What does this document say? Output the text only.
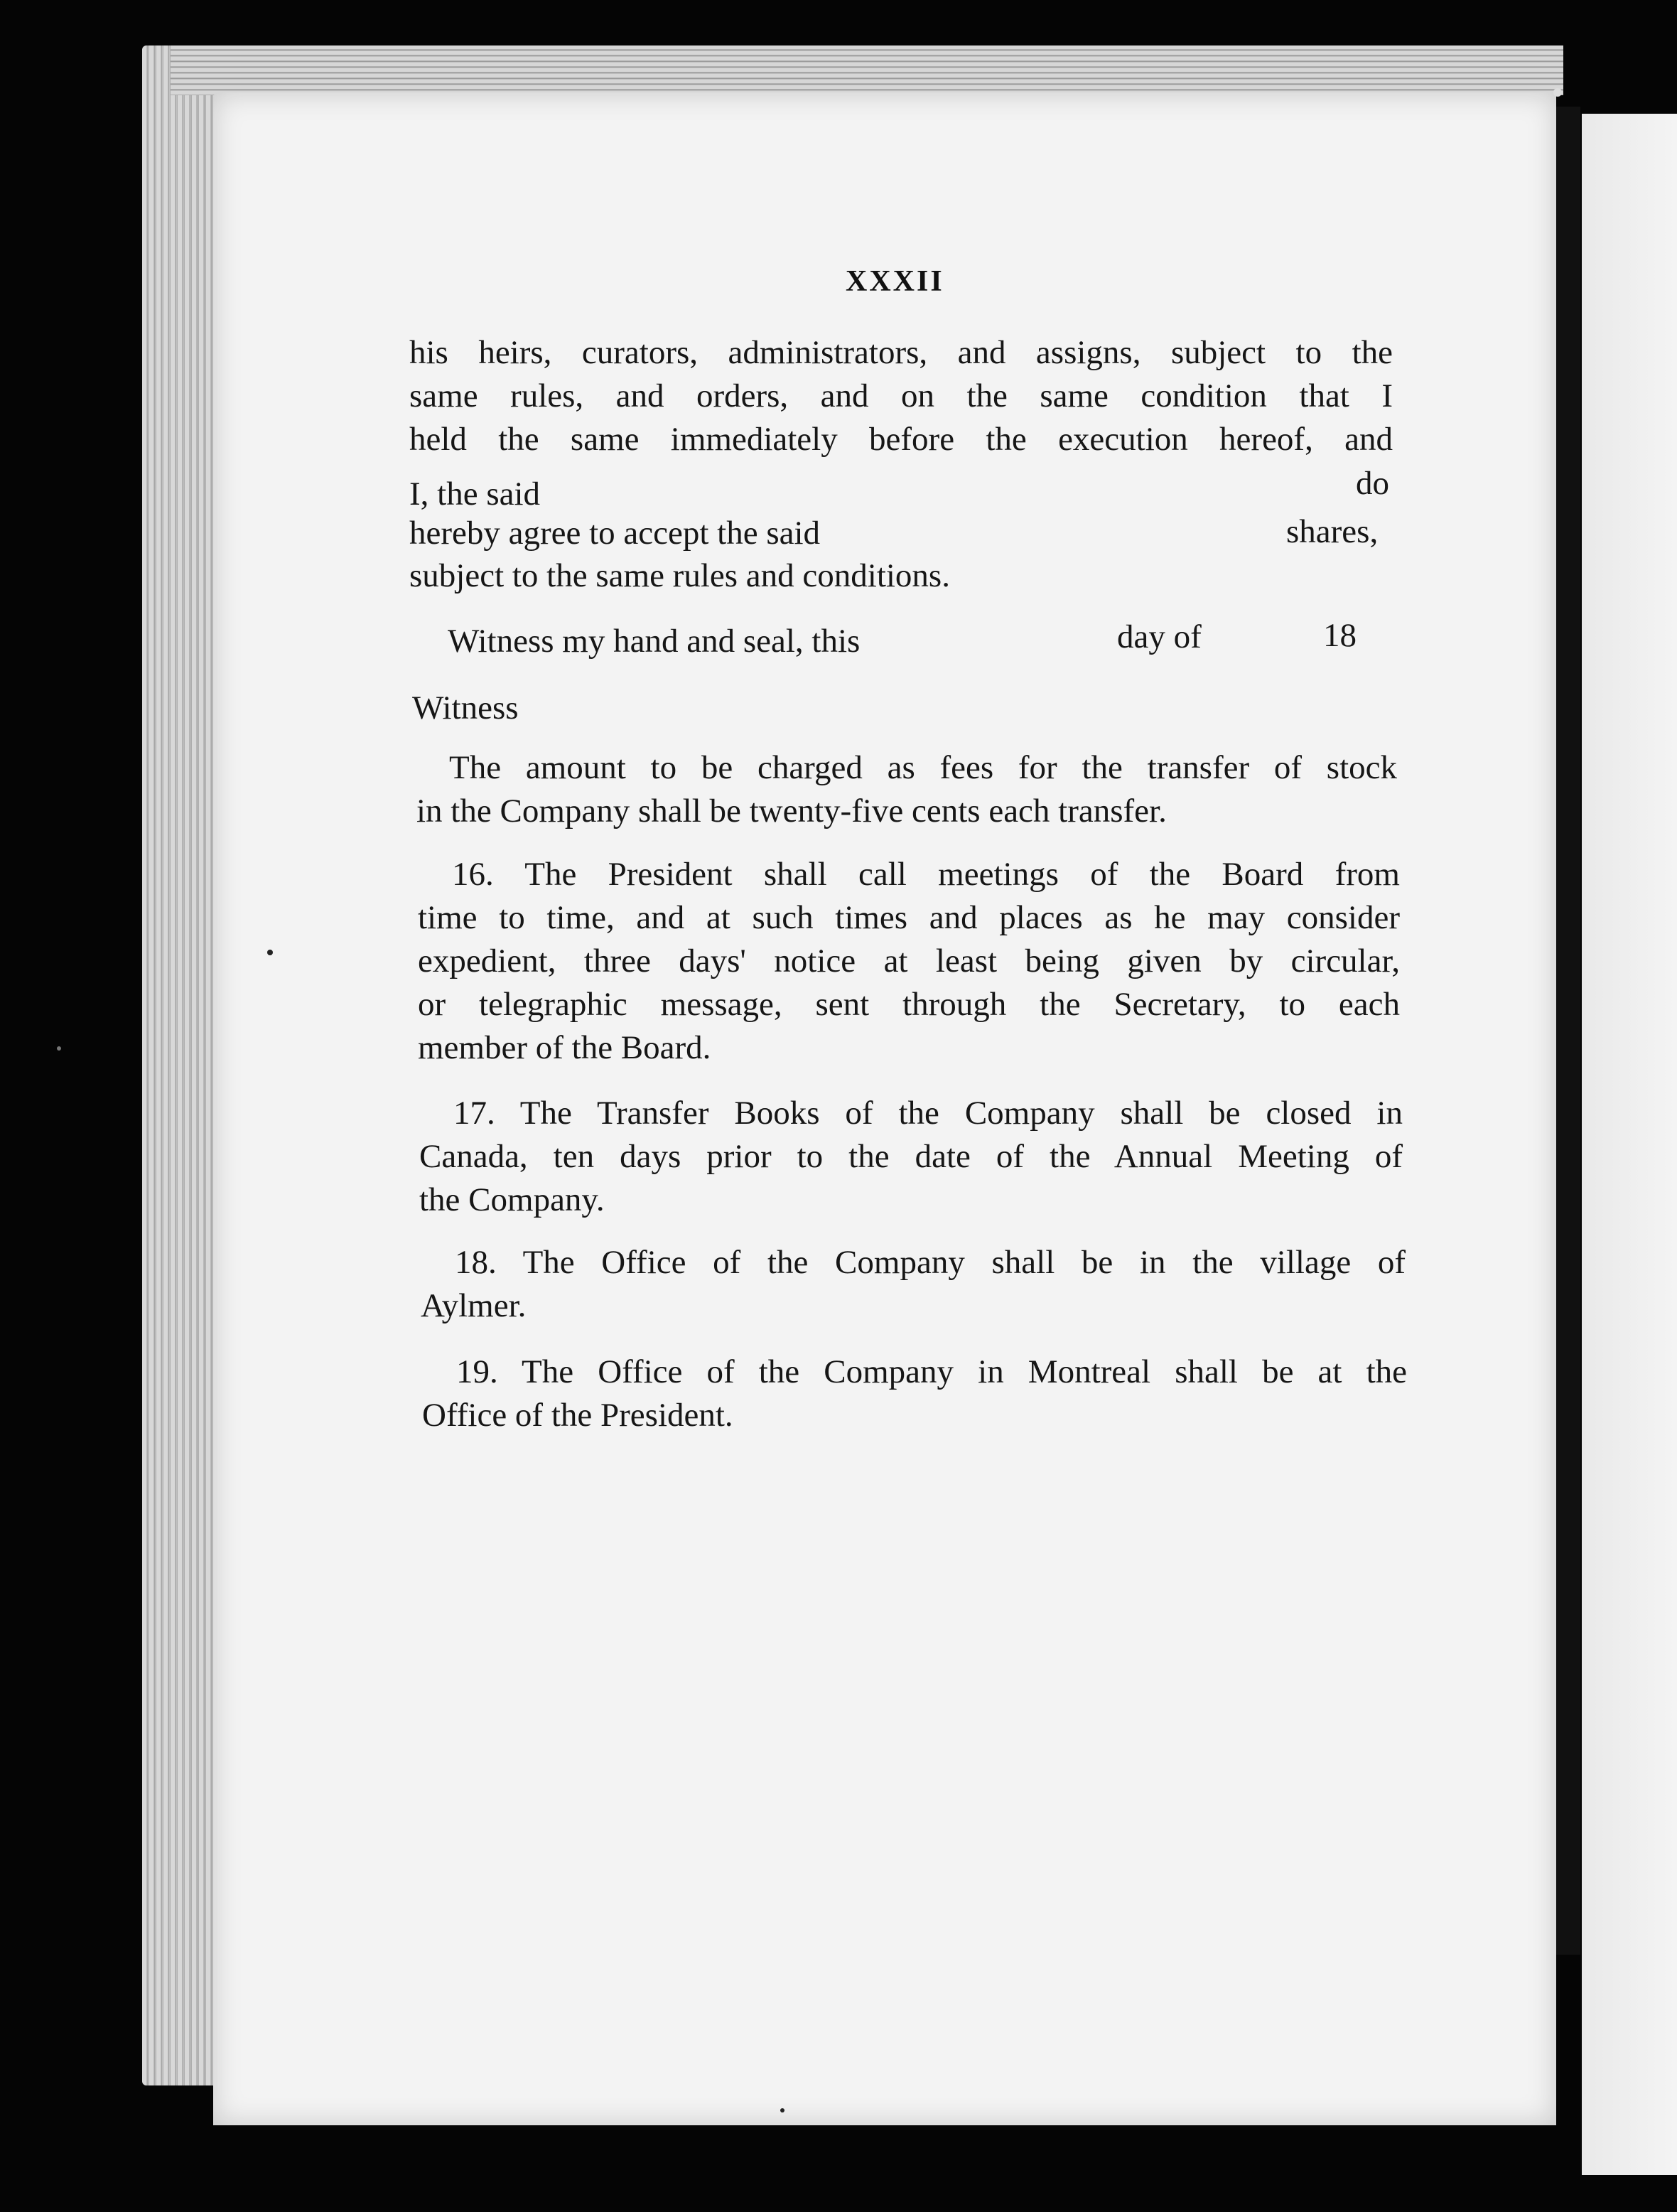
XXXII
his heirs, curators, administrators, and assigns, subject to the
same rules, and orders, and on the same condition that I
held the same immediately before the execution hereof, and
I, the said	do
hereby agree to accept the said	shares,
subject to the same rules and conditions.
Witness my hand and seal, this	day of	18
Witness
The amount to be charged as fees for the transfer of stock
in the Company shall be twenty-five cents each transfer.
16. The President shall call meetings of the Board from
time to time, and at such times and places as he may consider
expedient, three days' notice at least being given by circular,
or telegraphic message, sent through the Secretary, to each
member of the Board.
17. The Transfer Books of the Company shall be closed in
Canada, ten days prior to the date of the Annual Meeting of
the Company.
18. The Office of the Company shall be in the village of
Aylmer.
19. The Office of the Company in Montreal shall be at the
Office of the President.
